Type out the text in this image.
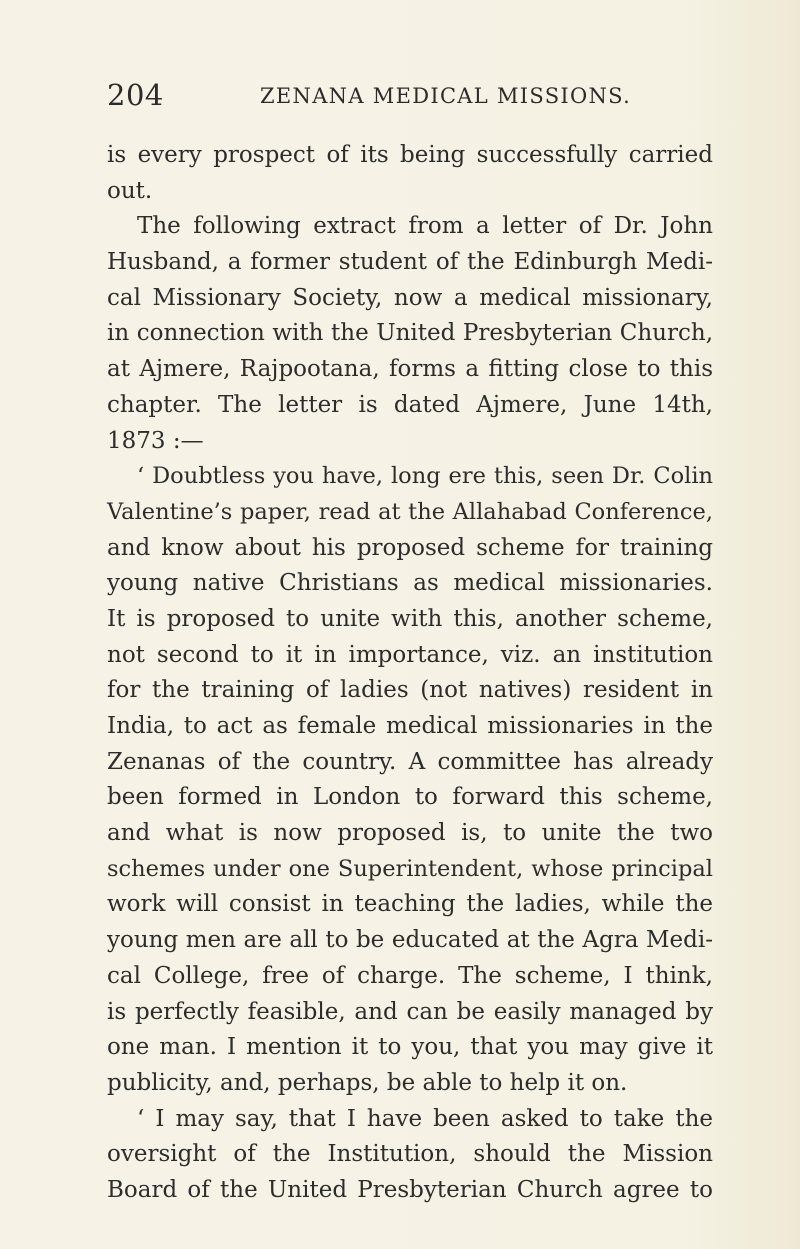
204	ZENANA MEDICAL MISSIONS.
is every prospect of its being successfully carried
out.
The following extract from a letter of Dr. John
Husband, a former student of the Edinburgh Medi-
cal Missionary Society, now a medical missionary,
in connection with the United Presbyterian Church,
at Ajmere, Rajpootana, forms a fitting close to this
chapter. The letter is dated Ajmere, June 14th,
1873 :—
‘ Doubtless you have, long ere this, seen Dr. Colin
Valentine’s paper, read at the Allahabad Conference,
and know about his proposed scheme for training
young native Christians as medical missionaries.
It is proposed to unite with this, another scheme,
not second to it in importance, viz. an institution
for the training of ladies (not natives) resident in
India, to act as female medical missionaries in the
Zenanas of the country. A committee has already
been formed in London to forward this scheme,
and what is now proposed is, to unite the two
schemes under one Superintendent, whose principal
work will consist in teaching the ladies, while the
young men are all to be educated at the Agra Medi-
cal College, free of charge. The scheme, I think,
is perfectly feasible, and can be easily managed by
one man. I mention it to you, that you may give it
publicity, and, perhaps, be able to help it on.
‘ I may say, that I have been asked to take the
oversight of the Institution, should the Mission
Board of the United Presbyterian Church agree to
